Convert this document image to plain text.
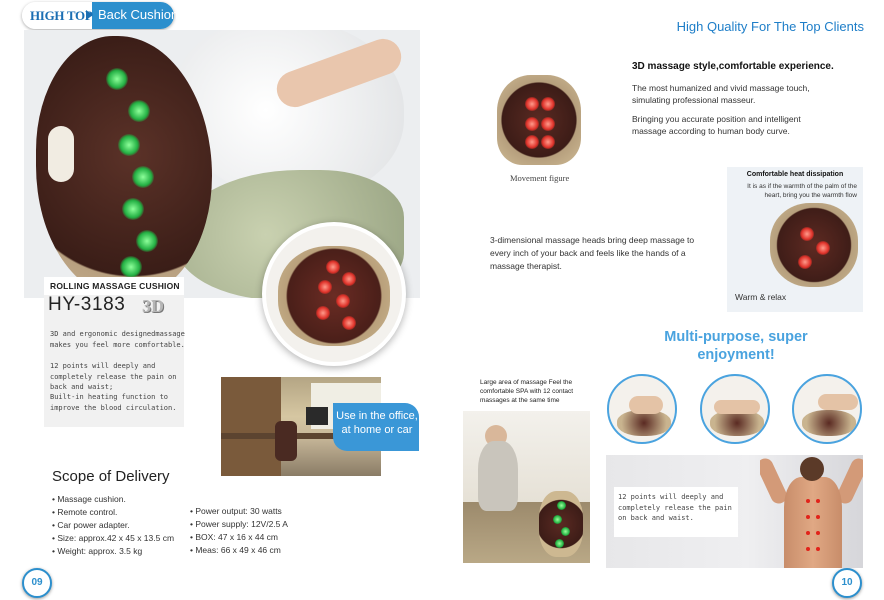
HIGH TOP Back Cushion
High Quality For The Top Clients
ROLLING MASSAGE CUSHION
HY-3183 3D
3D and ergonomic designedmassage makes you feel more comfortable.
12 points will deeply and completely release the pain on back and waist;
Built-in heating function to improve the blood circulation.
Use in the office, at home or car
Scope of Delivery
• Massage cushion.
• Remote control.
• Car power adapter.
• Size: approx.42 x 45 x 13.5 cm
• Weight: approx. 3.5 kg
• Power output: 30 watts
• Power supply: 12V/2.5 A
• BOX: 47 x 16 x 44 cm
• Meas: 66 x 49 x 46 cm
09	10
Movement figure
3D massage style,comfortable experience.
The most humanized and vivid massage touch, simulating professional masseur.
Bringing you accurate position and intelligent massage according to human body curve.
Comfortable heat dissipation
It is as if the warmth of the palm of the heart, bring you the warmth flow
Warm & relax
3-dimensional massage heads bring deep massage to every inch of your back and feels like the hands of a massage therapist.
Multi-purpose, super enjoyment!
Large area of massage Feel the comfortable SPA with 12 contact massages at the same time
12 points will deeply and completely release the pain on back and waist.
